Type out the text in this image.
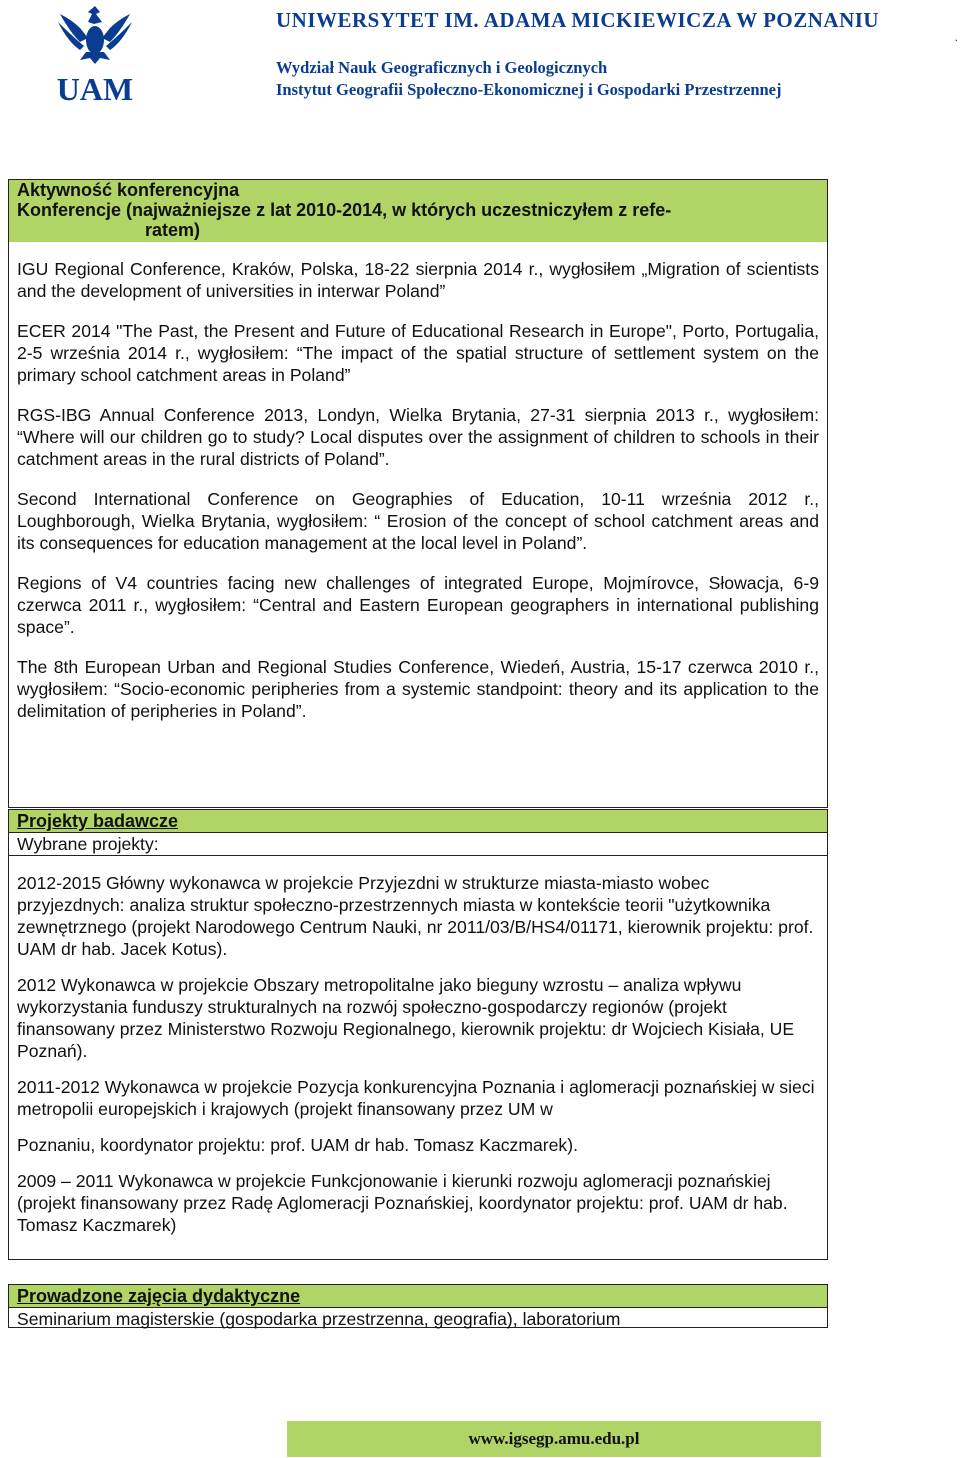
UAM
UNIWERSYTET IM. ADAMA MICKIEWICZA W POZNANIU
Wydział Nauk Geograficznych i Geologicznych
Instytut Geografii Społeczno-Ekonomicznej i Gospodarki Przestrzennej
.
Aktywność konferencyjna
Konferencje (najważniejsze z lat 2010-2014, w których uczestniczyłem z refe-
ratem)

IGU Regional Conference, Kraków, Polska, 18-22 sierpnia 2014 r., wygłosiłem „Migration of scientists and the development of universities in interwar Poland”

ECER 2014 "The Past, the Present and Future of Educational Research in Europe", Porto, Portugalia, 2-5 września 2014 r., wygłosiłem: “The impact of the spatial structure of settlement system on the primary school catchment areas in Poland”

RGS-IBG Annual Conference 2013, Londyn, Wielka Brytania, 27-31 sierpnia 2013 r., wygłosiłem: “Where will our children go to study? Local disputes over the assignment of children to schools in their catchment areas in the rural districts of Poland”.

Second International Conference on Geographies of Education, 10-11 września 2012 r., Loughborough, Wielka Brytania, wygłosiłem: “ Erosion of the concept of school catchment areas and its consequences for education management at the local level in Poland”.

Regions of V4 countries facing new challenges of integrated Europe, Mojmírovce, Słowacja, 6-9 czerwca 2011 r., wygłosiłem: “Central and Eastern European geographers in international publishing space”.

The 8th European Urban and Regional Studies Conference, Wiedeń, Austria, 15-17 czerwca 2010 r., wygłosiłem: “Socio-economic peripheries from a systemic standpoint: theory and its application to the delimitation of peripheries in Poland”.

Projekty badawcze
Wybrane projekty:

2012-2015 Główny wykonawca w projekcie Przyjezdni w strukturze miasta-miasto wobec przyjezdnych: analiza struktur społeczno-przestrzennych miasta w kontekście teorii "użytkownika zewnętrznego (projekt Narodowego Centrum Nauki, nr 2011/03/B/HS4/01171, kierownik projektu: prof. UAM dr hab. Jacek Kotus).

2012 Wykonawca w projekcie Obszary metropolitalne jako bieguny wzrostu – analiza wpływu wykorzystania funduszy strukturalnych na rozwój społeczno-gospodarczy regionów (projekt finansowany przez Ministerstwo Rozwoju Regionalnego, kierownik projektu: dr Wojciech Kisiała, UE Poznań).

2011-2012 Wykonawca w projekcie Pozycja konkurencyjna Poznania i aglomeracji poznańskiej w sieci metropolii europejskich i krajowych (projekt finansowany przez UM w

Poznaniu, koordynator projektu: prof. UAM dr hab. Tomasz Kaczmarek).

2009 – 2011 Wykonawca w projekcie Funkcjonowanie i kierunki rozwoju aglomeracji poznańskiej (projekt finansowany przez Radę Aglomeracji Poznańskiej, koordynator projektu: prof. UAM dr hab. Tomasz Kaczmarek)

Prowadzone zajęcia dydaktyczne
Seminarium magisterskie (gospodarka przestrzenna, geografia), laboratorium
www.igsegp.amu.edu.pl
